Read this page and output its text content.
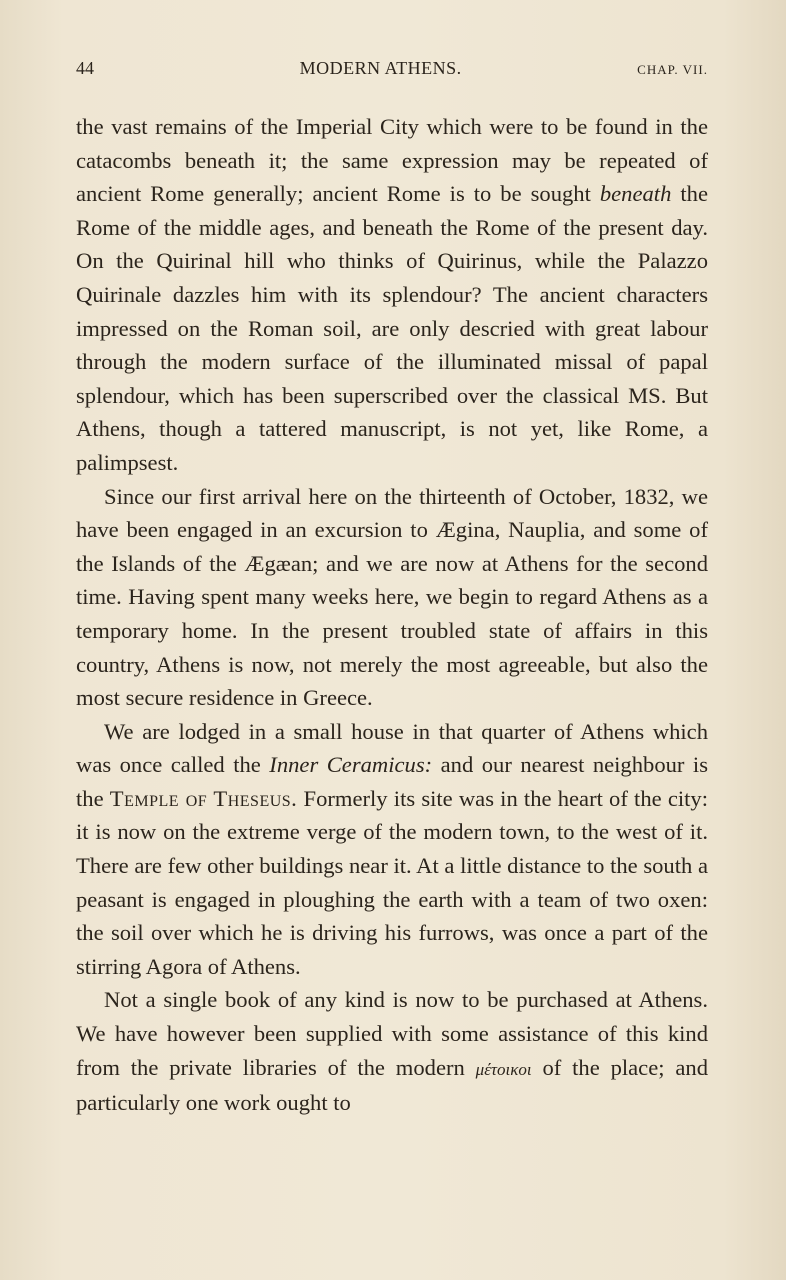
44	MODERN ATHENS.	CHAP. VII.

the vast remains of the Imperial City which were to be found in the catacombs beneath it; the same expression may be repeated of ancient Rome generally; ancient Rome is to be sought beneath the Rome of the middle ages, and beneath the Rome of the present day. On the Quirinal hill who thinks of Quirinus, while the Palazzo Quirinale dazzles him with its splendour? The ancient characters impressed on the Roman soil, are only descried with great labour through the modern surface of the illuminated missal of papal splendour, which has been superscribed over the classical MS. But Athens, though a tattered manuscript, is not yet, like Rome, a palimpsest.

Since our first arrival here on the thirteenth of October, 1832, we have been engaged in an excursion to Ægina, Nauplia, and some of the Islands of the Ægæan; and we are now at Athens for the second time. Having spent many weeks here, we begin to regard Athens as a temporary home. In the present troubled state of affairs in this country, Athens is now, not merely the most agreeable, but also the most secure residence in Greece.

We are lodged in a small house in that quarter of Athens which was once called the Inner Ceramicus: and our nearest neighbour is the Temple of Theseus. Formerly its site was in the heart of the city: it is now on the extreme verge of the modern town, to the west of it. There are few other buildings near it. At a little distance to the south a peasant is engaged in ploughing the earth with a team of two oxen: the soil over which he is driving his furrows, was once a part of the stirring Agora of Athens.

Not a single book of any kind is now to be purchased at Athens. We have however been supplied with some assistance of this kind from the private libraries of the modern μέτοικοι of the place; and particularly one work ought to
